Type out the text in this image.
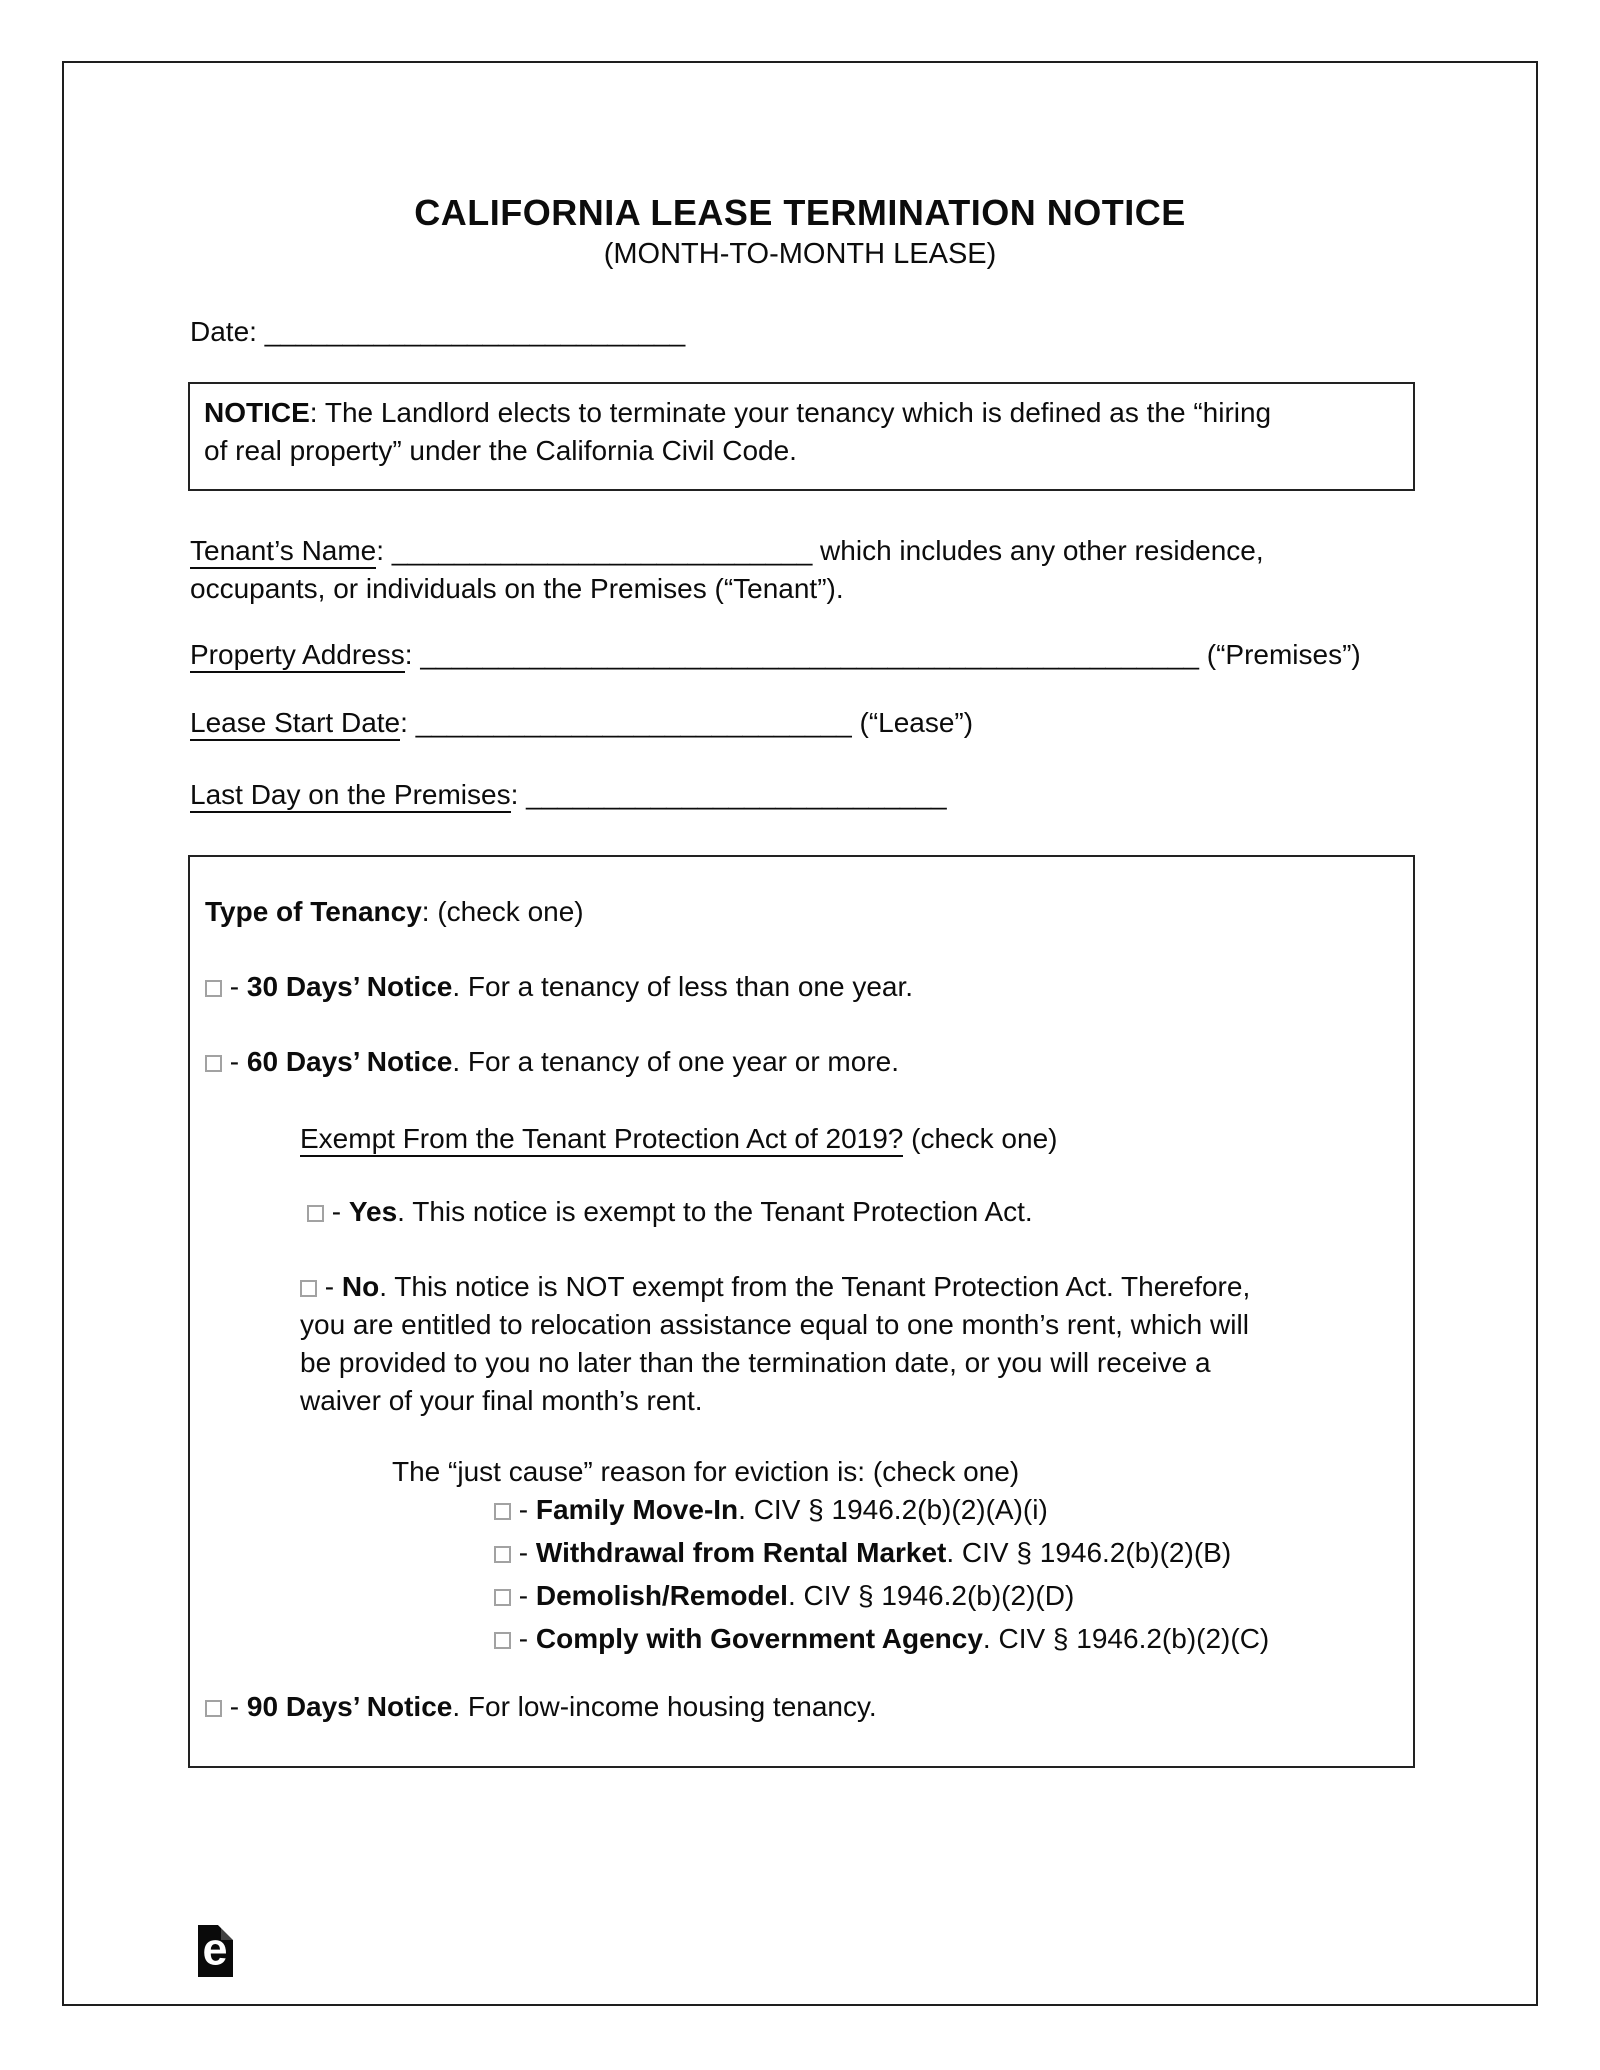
CALIFORNIA LEASE TERMINATION NOTICE
(MONTH-TO-MONTH LEASE)
Date: ___________________________
NOTICE: The Landlord elects to terminate your tenancy which is defined as the “hiring
of real property” under the California Civil Code.
Tenant’s Name: ___________________________ which includes any other residence,
occupants, or individuals on the Premises (“Tenant”).
Property Address: __________________________________________________ (“Premises”)
Lease Start Date: ____________________________ (“Lease”)
Last Day on the Premises: ___________________________
Type of Tenancy: (check one)
- 30 Days’ Notice. For a tenancy of less than one year.
- 60 Days’ Notice. For a tenancy of one year or more.
Exempt From the Tenant Protection Act of 2019? (check one)
- Yes. This notice is exempt to the Tenant Protection Act.
- No. This notice is NOT exempt from the Tenant Protection Act. Therefore,
you are entitled to relocation assistance equal to one month’s rent, which will
be provided to you no later than the termination date, or you will receive a
waiver of your final month’s rent.
The “just cause” reason for eviction is: (check one)
- Family Move-In. CIV § 1946.2(b)(2)(A)(i)
- Withdrawal from Rental Market. CIV § 1946.2(b)(2)(B)
- Demolish/Remodel. CIV § 1946.2(b)(2)(D)
- Comply with Government Agency. CIV § 1946.2(b)(2)(C)
- 90 Days’ Notice. For low-income housing tenancy.
e
